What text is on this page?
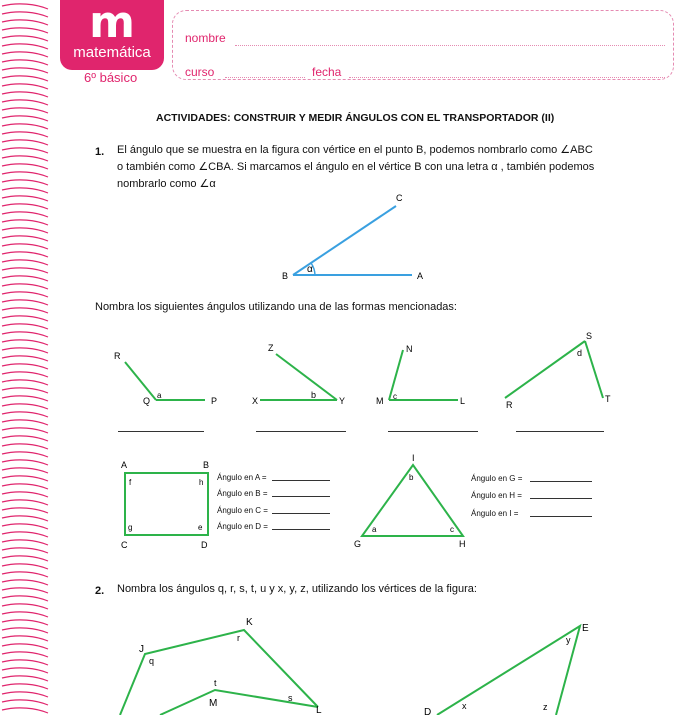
m
matemática
6º básico
nombre
curso	fecha
ACTIVIDADES: CONSTRUIR Y MEDIR ÁNGULOS CON EL TRANSPORTADOR (II)
1. El ángulo que se muestra en la figura con vértice en el punto B, podemos nombrarlo como ∠ABC
o también como ∠CBA. Si marcamos el ángulo en el vértice B con una letra α , también podemos
nombrarlo como ∠α
Nombra los siguientes ángulos utilizando una de las formas mencionadas:
Ángulo en A =
Ángulo en B =
Ángulo en C =
Ángulo en D =
Ángulo en G =
Ángulo en H =
Ángulo en I =
2. Nombra los ángulos q, r, s, t, u y x, y, z, utilizando los vértices de la figura:
B	A
C
α
R
Q
a
P
Z
X
b
Y
N
M c	L
S
d
R
T
A	B
C	D
f	h
g	e
I
G	H
a
b
c
J
K
q
r
t
M	s
L
E
y
D
x	z
